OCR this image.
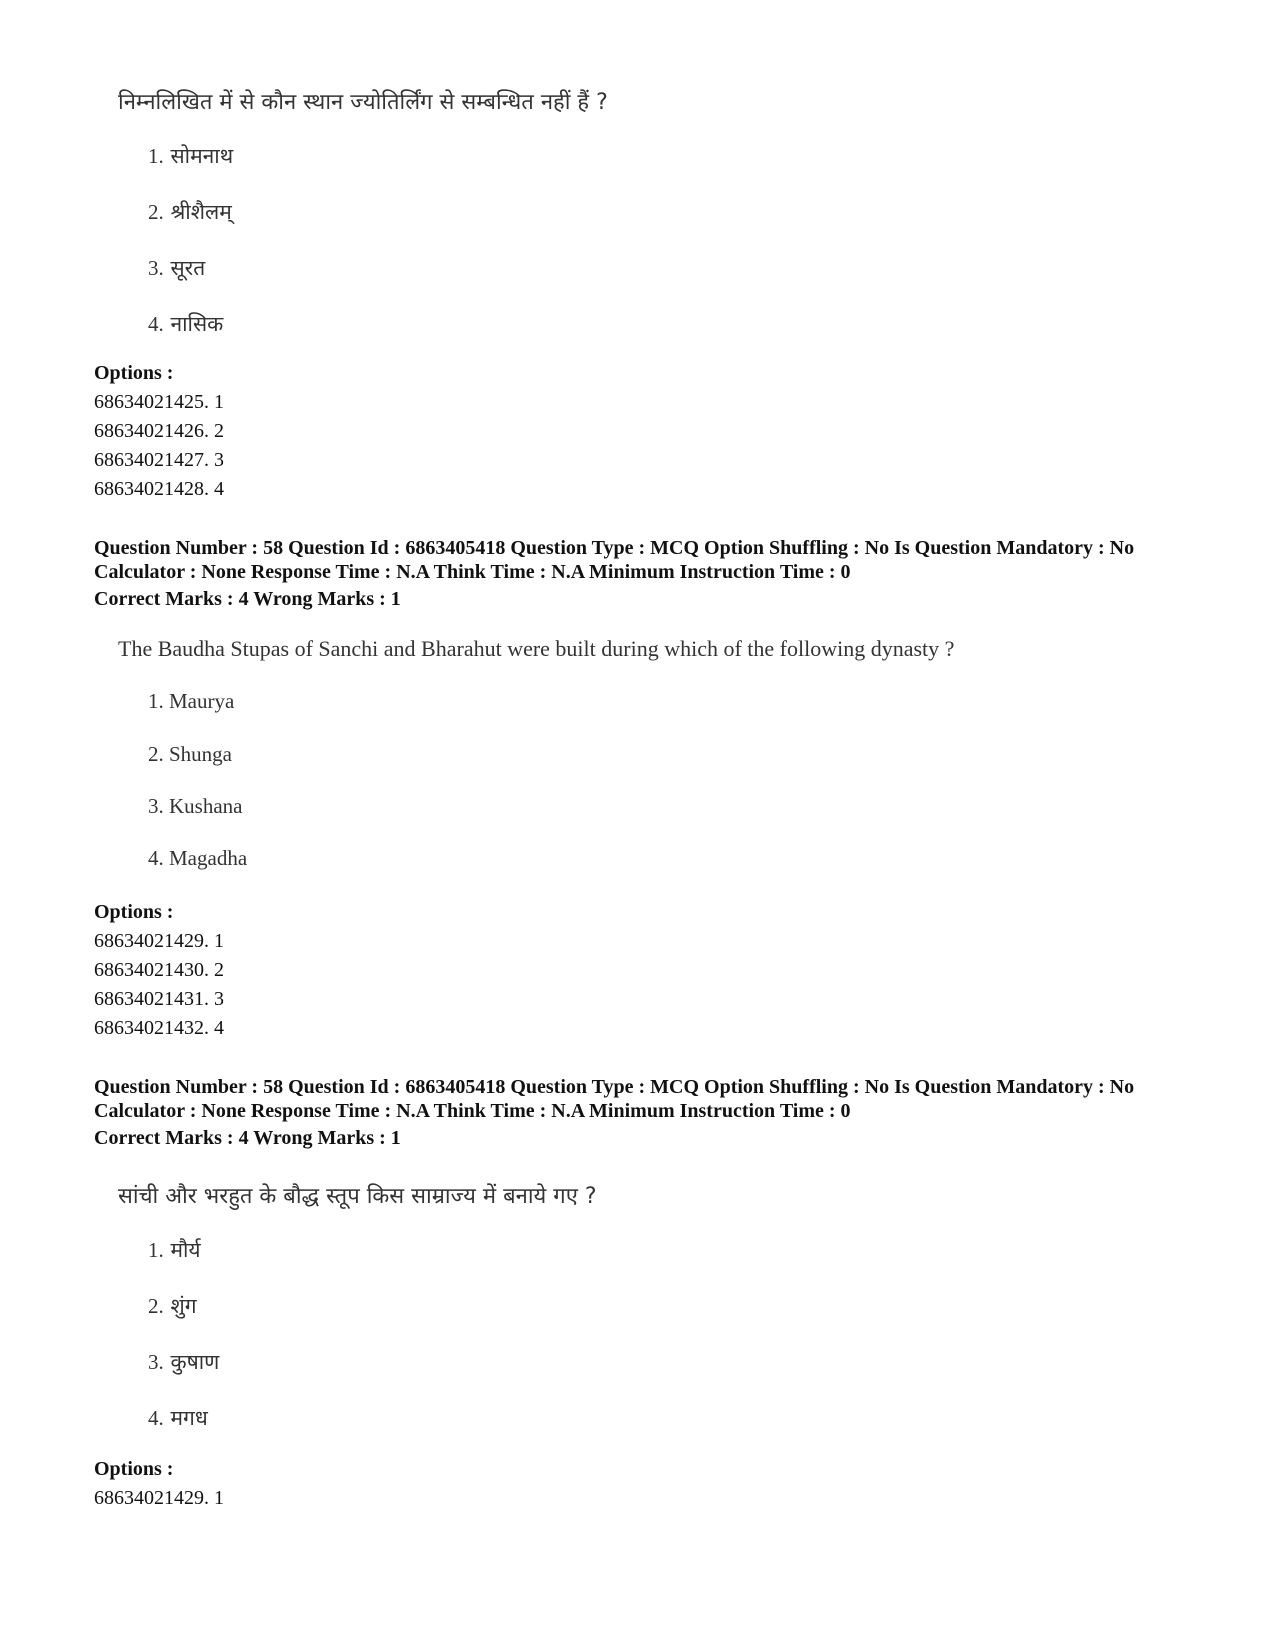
निम्नलिखित में से कौन स्थान ज्योतिर्लिंग से सम्बन्धित नहीं हैं ?
1. सोमनाथ
2. श्रीशैलम्
3. सूरत
4. नासिक
Options :
68634021425. 1
68634021426. 2
68634021427. 3
68634021428. 4
Question Number : 58 Question Id : 6863405418 Question Type : MCQ Option Shuffling : No Is Question Mandatory : No Calculator : None Response Time : N.A Think Time : N.A Minimum Instruction Time : 0
Correct Marks : 4 Wrong Marks : 1
The Baudha Stupas of Sanchi and Bharahut were built during which of the following dynasty ?
1. Maurya
2. Shunga
3. Kushana
4. Magadha
Options :
68634021429. 1
68634021430. 2
68634021431. 3
68634021432. 4
Question Number : 58 Question Id : 6863405418 Question Type : MCQ Option Shuffling : No Is Question Mandatory : No Calculator : None Response Time : N.A Think Time : N.A Minimum Instruction Time : 0
Correct Marks : 4 Wrong Marks : 1
सांची और भरहुत के बौद्ध स्तूप किस साम्राज्य में बनाये गए ?
1. मौर्य
2. शुंग
3. कुषाण
4. मगध
Options :
68634021429. 1
